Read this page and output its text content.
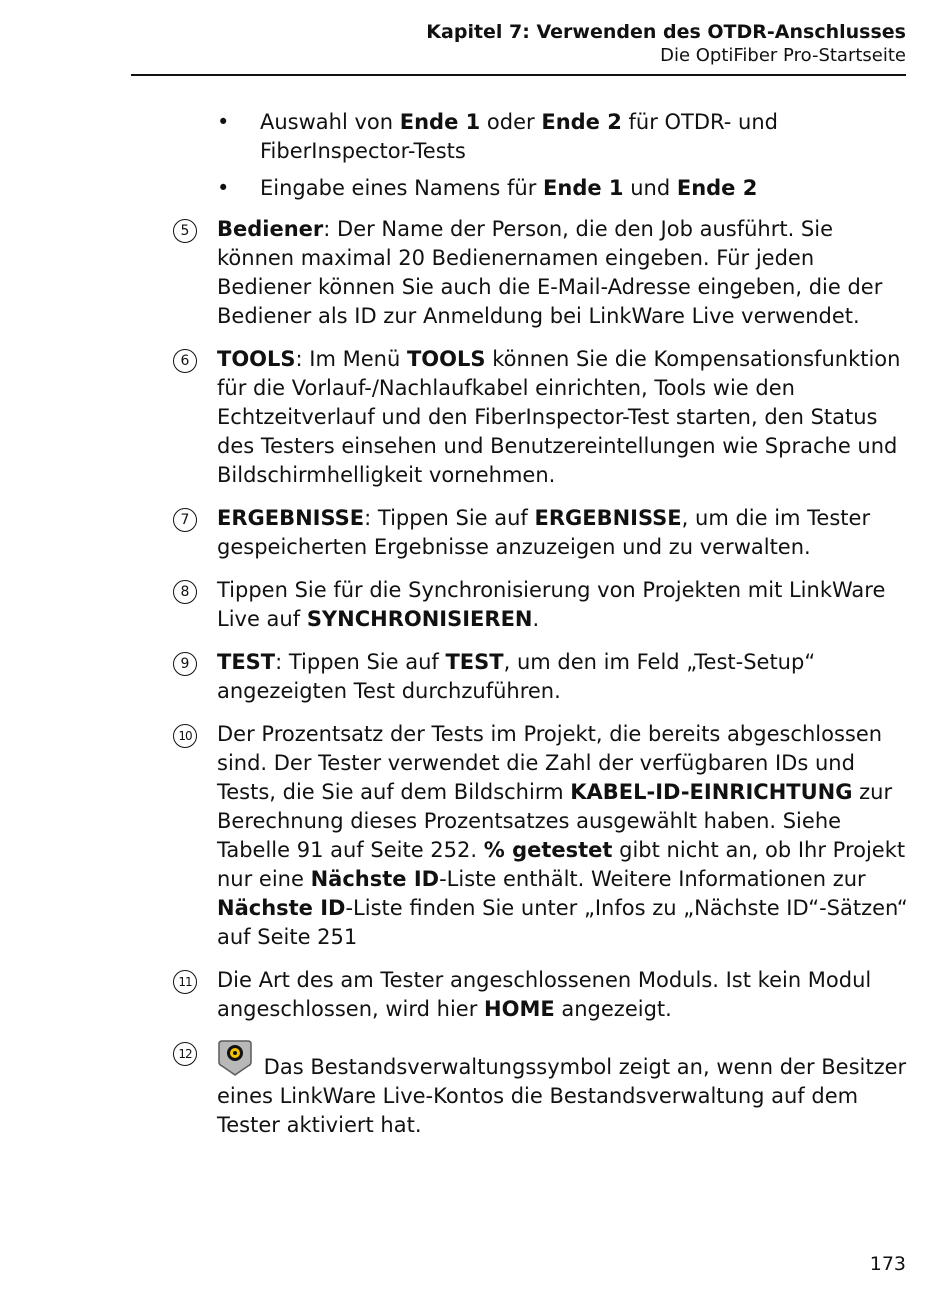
Kapitel 7: Verwenden des OTDR-Anschlusses
Die OptiFiber Pro-Startseite
• Auswahl von Ende 1 oder Ende 2 für OTDR- und FiberInspector-Tests
• Eingabe eines Namens für Ende 1 und Ende 2
5	Bediener: Der Name der Person, die den Job ausführt. Sie können maximal 20 Bedienernamen eingeben. Für jeden Bediener können Sie auch die E-Mail-Adresse eingeben, die der Bediener als ID zur Anmeldung bei LinkWare Live verwendet.
6	TOOLS: Im Menü TOOLS können Sie die Kompensationsfunktion für die Vorlauf-/Nachlaufkabel einrichten, Tools wie den Echtzeitverlauf und den FiberInspector-Test starten, den Status des Testers einsehen und Benutzereintellungen wie Sprache und Bildschirmhelligkeit vornehmen.
7	ERGEBNISSE: Tippen Sie auf ERGEBNISSE, um die im Tester gespeicherten Ergebnisse anzuzeigen und zu verwalten.
8	Tippen Sie für die Synchronisierung von Projekten mit LinkWare Live auf SYNCHRONISIEREN.
9	TEST: Tippen Sie auf TEST, um den im Feld „Test-Setup“ angezeigten Test durchzuführen.
10 Der Prozentsatz der Tests im Projekt, die bereits abgeschlossen sind. Der Tester verwendet die Zahl der verfügbaren IDs und Tests, die Sie auf dem Bildschirm KABEL-ID-EINRICHTUNG zur Berechnung dieses Prozentsatzes ausgewählt haben. Siehe Tabelle 91 auf Seite 252. % getestet gibt nicht an, ob Ihr Projekt nur eine Nächste ID-Liste enthält. Weitere Informationen zur Nächste ID-Liste finden Sie unter „Infos zu „Nächste ID“-Sätzen“ auf Seite 251
11 Die Art des am Tester angeschlossenen Moduls. Ist kein Modul angeschlossen, wird hier HOME angezeigt.
12
Das Bestandsverwaltungssymbol zeigt an, wenn der Besitzer eines LinkWare Live-Kontos die Bestandsverwaltung auf dem Tester aktiviert hat.
173
